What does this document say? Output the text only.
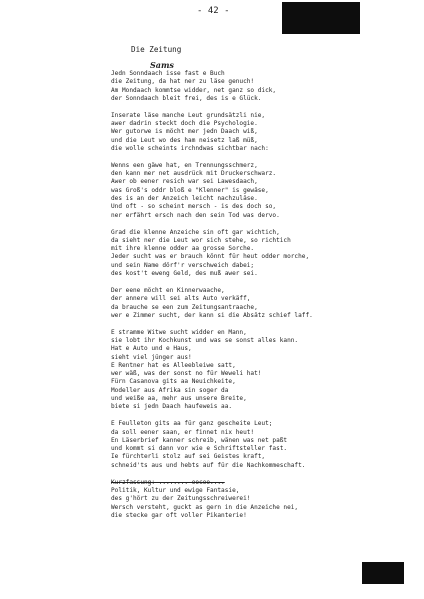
- 42 -
Die Zeitung
Sams
Jedn Sonndaach isse fast e Buch
die Zeitung, da hat ner zu läse genuch!
Am Mondaach kommtse widder, net ganz so dick,
der Sonndaach bleit frei, des is e Glück.
Inserate läse manche Leut grundsätzli nie,
awer dadrin steckt doch die Psychologie.
Wer gutorwe is möcht mer jedn Daach wiß,
und die Leut wo des ham neisetz laß müß,
die wolle scheints irchndwas sichtbar nach:
Wenns een gäwe hat, en Trennungsschmerz,
den kann mer net ausdrück mit Druckerschwarz.
Awer ob eener resich war sei Lawesdaach,
was Groß's oddr bloß e "Klenner" is gewäse,
des is an der Anzeich leicht nachzuläse.
Und oft - so scheint mersch - is des doch so,
ner erfährt ersch nach den sein Tod was dervo.
Grad die klenne Anzeiche sin oft gar wichtich,
da sieht ner die Leut wor sich stehe, so richtich
mit ihre klenne odder aa grosse Sorche.
Jeder sucht was er brauch könnt für heut odder morche,
und sein Name dörf'r verschweich dabei;
des kost't eweng Geld, des muß awer sei.
Der eene möcht en Kinnerwaache,
der annere will sei alts Auto verkäff,
da brauche se een zum Zeitungsantraache,
wer e Zimmer sucht, der kann si die Absätz schief laff.
E stramme Witwe sucht widder en Mann,
sie lobt ihr Kochkunst und was se sonst alles kann.
Hat e Auto und e Haus,
sieht viel jünger aus!
E Rentner hat es Alleebleiwe satt,
wer wäß, was der sonst no für Weweli hat!
Fürn Casanova gits aa Neuichkeite,
Modeller aus Afrika sin soger da
und weiße aa, mehr aus unsere Breite,
biete si jedn Daach haufeweis aa.
E Feulleton gits aa für ganz gescheite Leut;
da soll eener saan, er finnet nix heut!
En Läserbrief kanner schreib, wänen was net paßt
und kommt si dann vor wie e Schriftsteller fast.
Ie fürchterli stolz auf sei Geistes kraft,
schneid'ts aus und hebts auf für die Nachkommeschaft.
Kurzfassung: ........ oocoo....
Politik, Kultur und ewige Fantasie,
des g'hört zu der Zeitungsschreiwerei!
Wersch versteht, guckt as gern in die Anzeiche nei,
die stecke gar oft voller Pikanterie!
